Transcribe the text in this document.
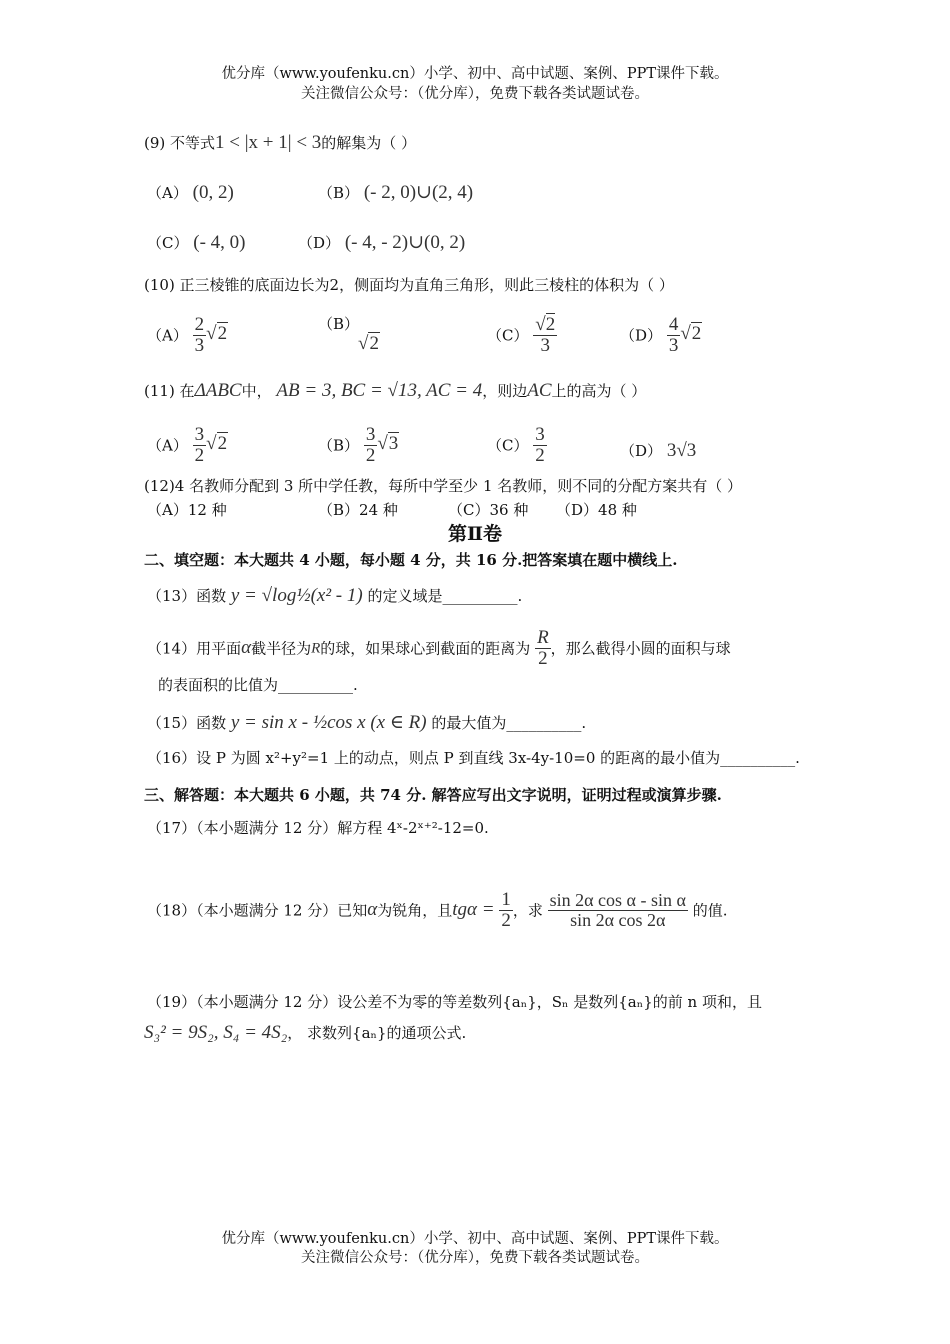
优分库（www.youfenku.cn）小学、初中、高中试题、案例、PPT课件下载。
关注微信公众号：（优分库），免费下载各类试题试卷。
(9) 不等式1 < |x + 1| < 3的解集为（ ）
（A） (0, 2)	（B） (- 2, 0)∪(2, 4)
（C） (- 4, 0)	（D） (- 4, - 2)∪(0, 2)
(10) 正三棱锥的底面边长为2，侧面均为直角三角形，则此三棱柱的体积为（ ）
$(A) \frac{2}{3} √2$	（B）
√2	$(C) \frac{√2}{3}$	$(D) \frac{4}{3} √2$
(11) 在ΔABC中， AB = 3, BC = √13, AC = 4，则边AC上的高为（ ）
$(A) \frac{3}{2} √2$	$(B) \frac{3}{2} √3$	$(C) \frac{3}{2}$	（D） 3√3
(12)4 名教师分配到 3 所中学任教，每所中学至少 1 名教师，则不同的分配方案共有（ ）
（A）12 种	（B）24 种	（C）36 种 （D）48 种
第Ⅱ卷
二、填空题：本大题共 4 小题，每小题 4 分，共 16 分.把答案填在题中横线上.
（13）函数 y = √log½(x² - 1) 的定义域是__________.
（14）用平面α截半径为R的球，如果球心到截面的距离为 $\frac{R}{2}$ ，那么截得小圆的面积与球
的表面积的比值为__________.
（15）函数 y = sin x - ½cos x (x ∈ R) 的最大值为__________.
（16）设 P 为圆 x²+y²=1 上的动点，则点 P 到直线 3x-4y-10=0 的距离的最小值为__________.
三、解答题：本大题共 6 小题，共 74 分. 解答应写出文字说明，证明过程或演算步骤.
（17）（本小题满分 12 分）解方程 4ˣ-2ˣ⁺²-12=0.
（18）（本小题满分 12 分）已知α为锐角，且$tg\alpha = \frac{1}{2}$ ，求 $\frac{\text{sin 2α cos α - sin α}}{\text{sin 2α cos 2α}}$ 的值.
（19）（本小题满分 12 分）设公差不为零的等差数列{aₙ}，Sₙ 是数列{aₙ}的前 n 项和，且
S₃² = 9S₂, S₄ = 4S₂， 求数列{aₙ}的通项公式.
优分库（www.youfenku.cn）小学、初中、高中试题、案例、PPT课件下载。
关注微信公众号：（优分库），免费下载各类试题试卷。
